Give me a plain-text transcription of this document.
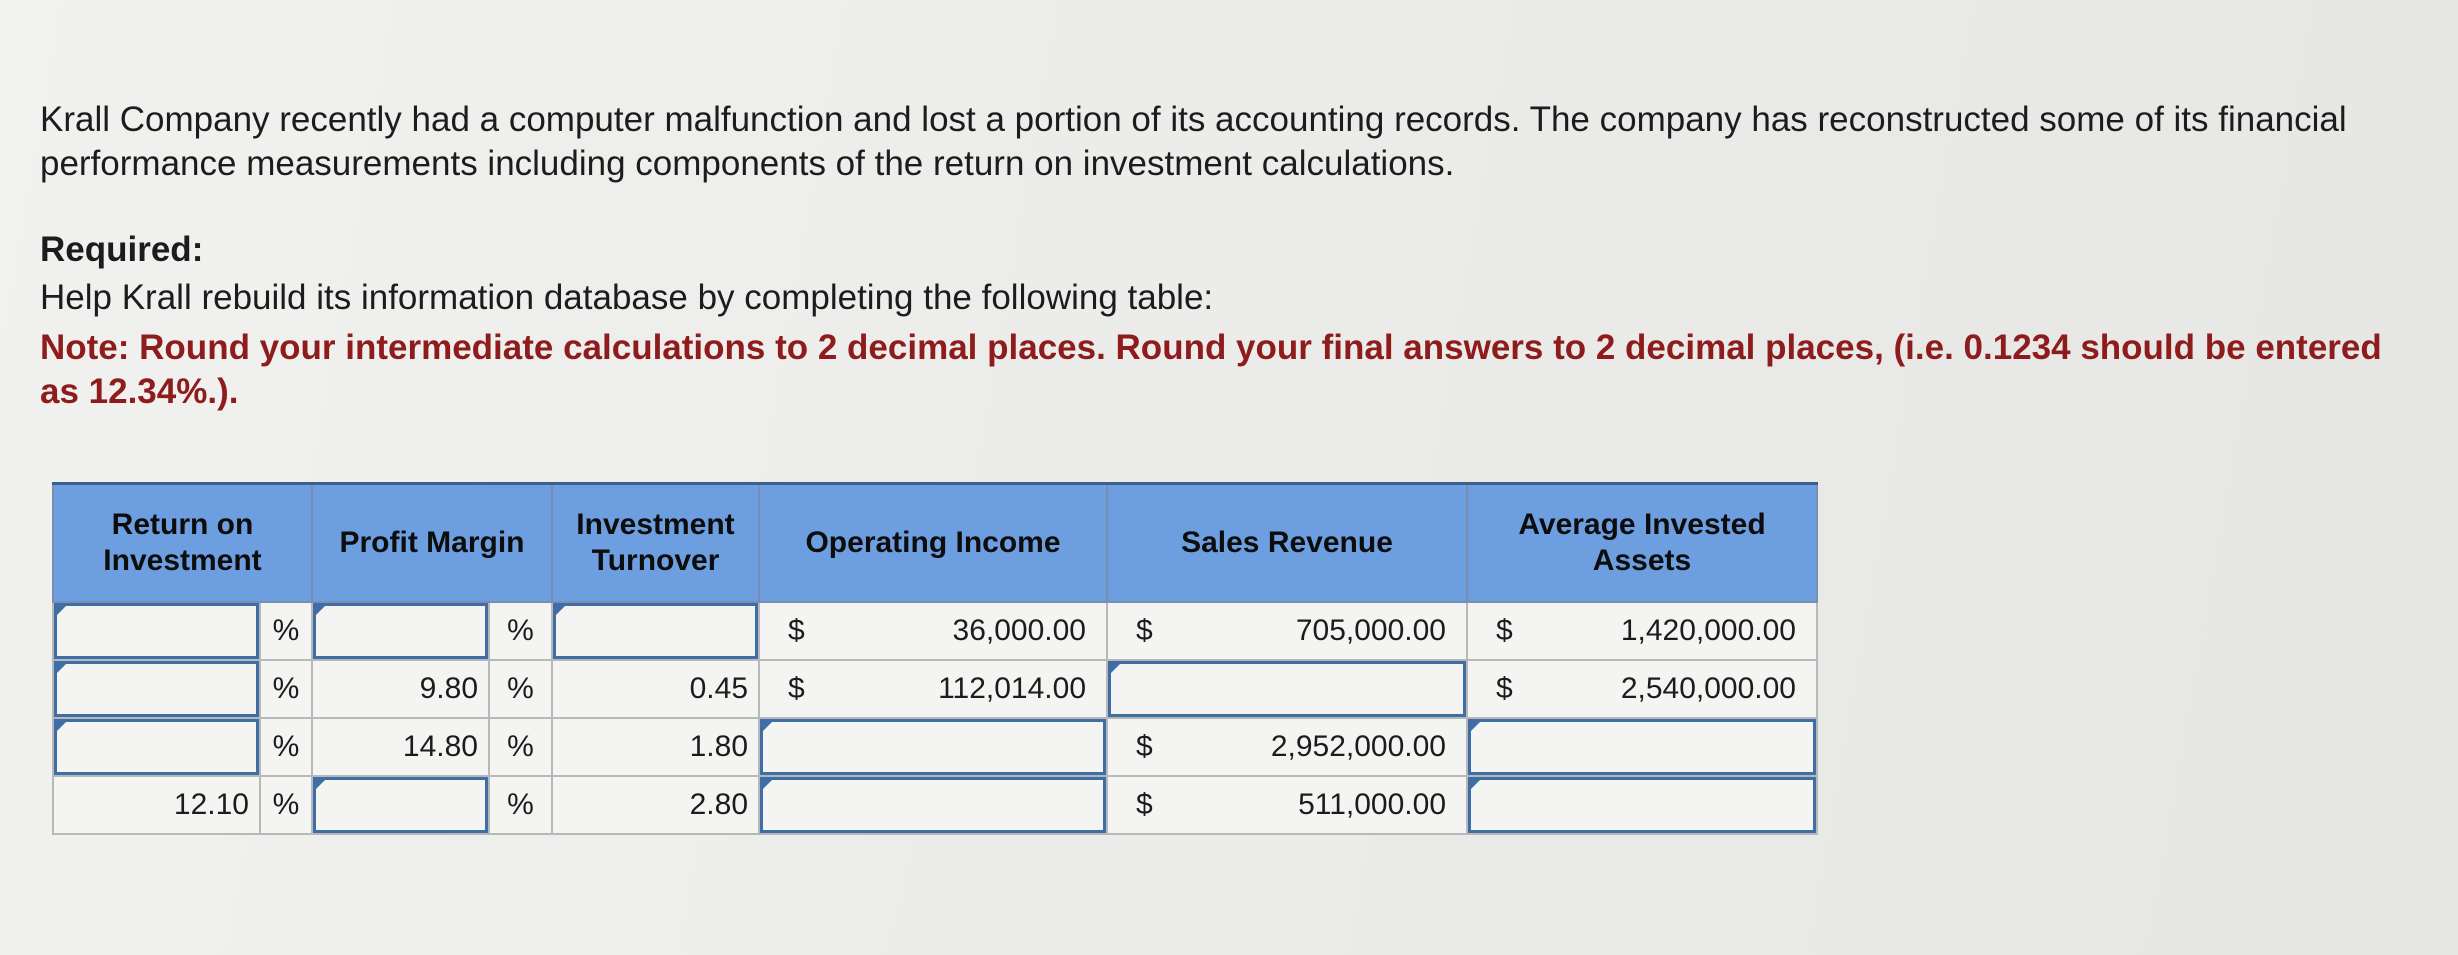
Krall Company recently had a computer malfunction and lost a portion of its accounting records. The company has reconstructed some of its financial performance measurements including components of the return on investment calculations.

Required:
Help Krall rebuild its information database by completing the following table:
Note: Round your intermediate calculations to 2 decimal places. Round your final answers to 2 decimal places, (i.e. 0.1234 should be entered as 12.34%.).
Return on Investment		Profit Margin		Investment Turnover	Operating Income	Sales Revenue	Average Invested Assets
	%		%		$ 36,000.00	$ 705,000.00	$ 1,420,000.00

	%	9.80	%	0.45	$ 112,014.00		$ 2,540,000.00

	%	14.80	%	1.80		$ 2,952,000.00	

12.10	%		%	2.80		$ 511,000.00	
